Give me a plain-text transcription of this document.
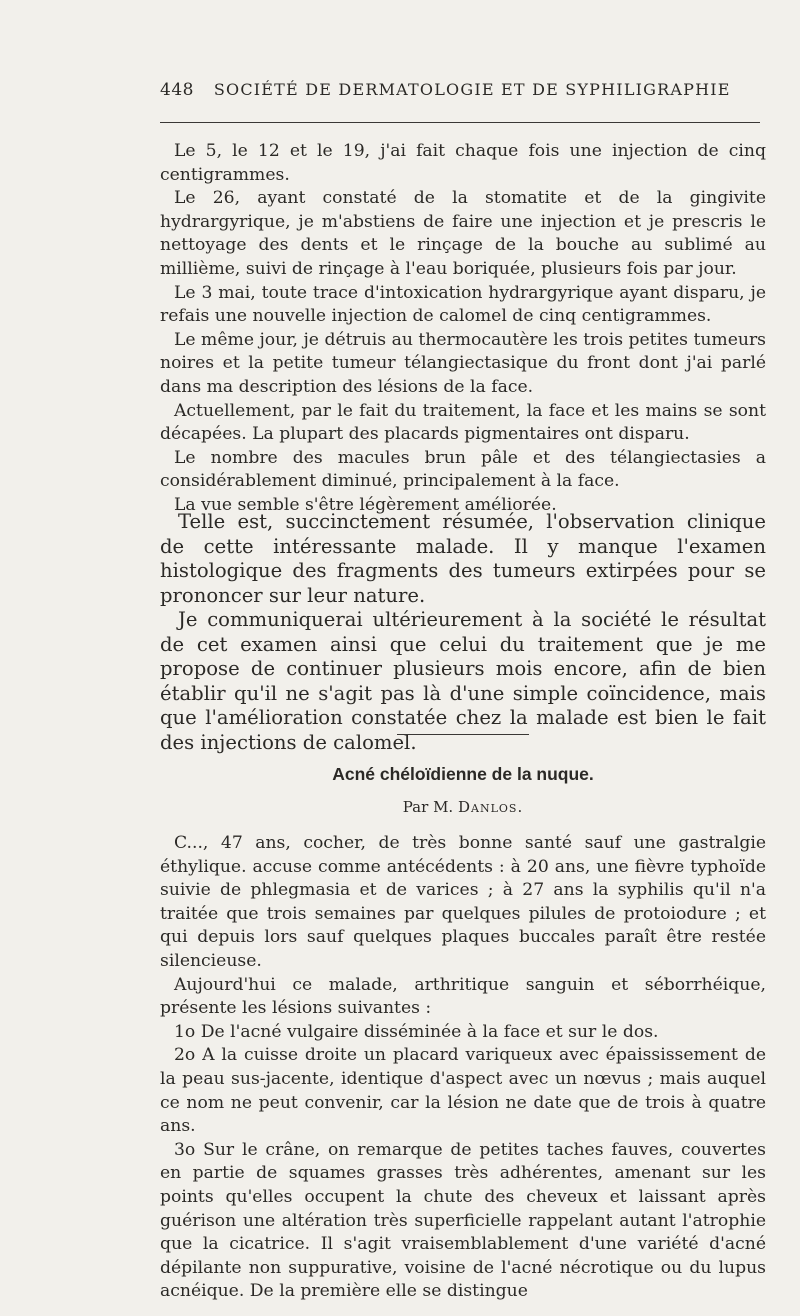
448 SOCIÉTÉ DE DERMATOLOGIE ET DE SYPHILIGRAPHIE

Le 5, le 12 et le 19, j'ai fait chaque fois une injection de cinq centigrammes.

Le 26, ayant constaté de la stomatite et de la gingivite hydrargyrique, je m'abstiens de faire une injection et je prescris le nettoyage des dents et le rinçage de la bouche au sublimé au millième, suivi de rinçage à l'eau boriquée, plusieurs fois par jour.

Le 3 mai, toute trace d'intoxication hydrargyrique ayant disparu, je refais une nouvelle injection de calomel de cinq centigrammes.

Le même jour, je détruis au thermocautère les trois petites tumeurs noires et la petite tumeur télangiectasique du front dont j'ai parlé dans ma description des lésions de la face.

Actuellement, par le fait du traitement, la face et les mains se sont décapées. La plupart des placards pigmentaires ont disparu.

Le nombre des macules brun pâle et des télangiectasies a considérablement diminué, principalement à la face.

La vue semble s'être légèrement améliorée.

Telle est, succinctement résumée, l'observation clinique de cette intéressante malade. Il y manque l'examen histologique des fragments des tumeurs extirpées pour se prononcer sur leur nature.

Je communiquerai ultérieurement à la société le résultat de cet examen ainsi que celui du traitement que je me propose de continuer plusieurs mois encore, afin de bien établir qu'il ne s'agit pas là d'une simple coïncidence, mais que l'amélioration constatée chez la malade est bien le fait des injections de calomel.

Acné chéloïdienne de la nuque.
Par M. Danlos.

C..., 47 ans, cocher, de très bonne santé sauf une gastralgie éthylique. accuse comme antécédents : à 20 ans, une fièvre typhoïde suivie de phlegmasia et de varices ; à 27 ans la syphilis qu'il n'a traitée que trois semaines par quelques pilules de protoiodure ; et qui depuis lors sauf quelques plaques buccales paraît être restée silencieuse.

Aujourd'hui ce malade, arthritique sanguin et séborrhéique, présente les lésions suivantes :

1o De l'acné vulgaire disséminée à la face et sur le dos.

2o A la cuisse droite un placard variqueux avec épaississement de la peau sus-jacente, identique d'aspect avec un nœvus ; mais auquel ce nom ne peut convenir, car la lésion ne date que de trois à quatre ans.

3o Sur le crâne, on remarque de petites taches fauves, couvertes en partie de squames grasses très adhérentes, amenant sur les points qu'elles occupent la chute des cheveux et laissant après guérison une altération très superficielle rappelant autant l'atrophie que la cicatrice. Il s'agit vraisemblablement d'une variété d'acné dépilante non suppurative, voisine de l'acné nécrotique ou du lupus acnéique. De la première elle se distingue
